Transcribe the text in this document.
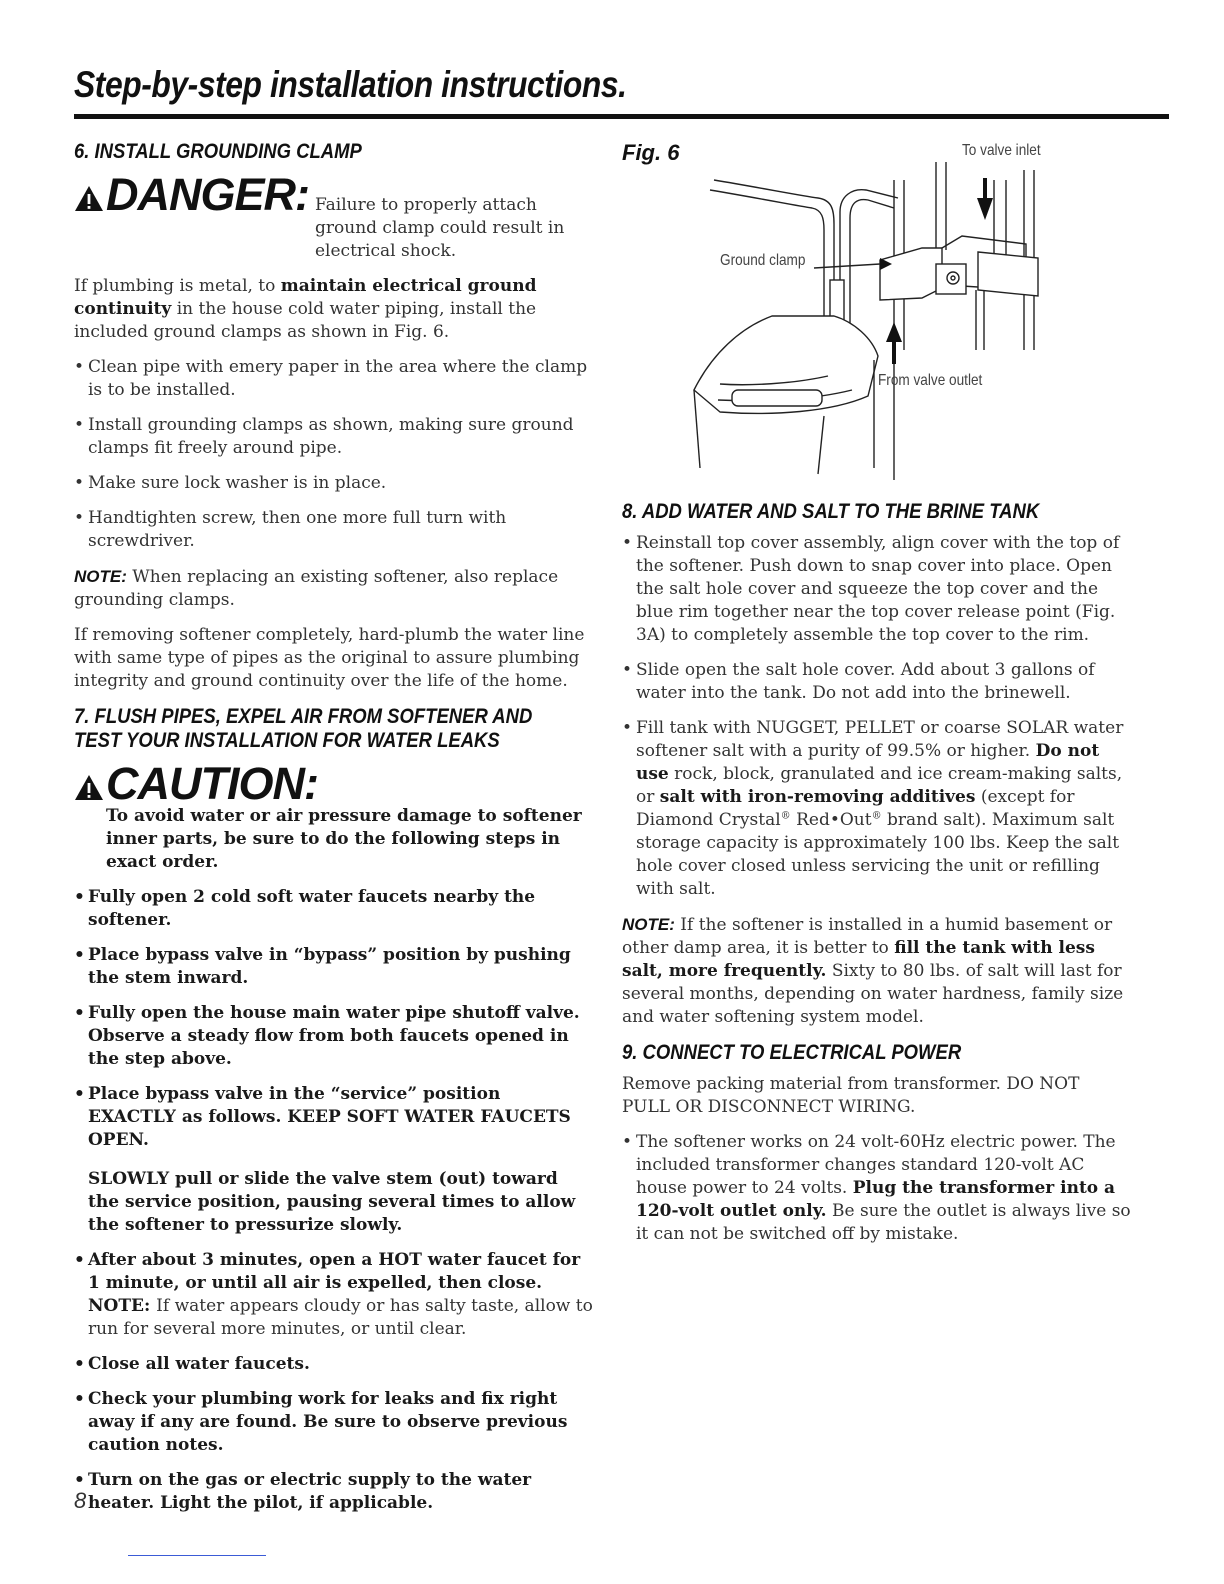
Step-by-step installation instructions.
6. INSTALL GROUNDING CLAMP
DANGER: Failure to properly attach ground clamp could result in electrical shock.

If plumbing is metal, to maintain electrical ground continuity in the house cold water piping, install the included ground clamps as shown in Fig. 6.

• Clean pipe with emery paper in the area where the clamp is to be installed.
• Install grounding clamps as shown, making sure ground clamps fit freely around pipe.
• Make sure lock washer is in place.
• Handtighten screw, then one more full turn with screwdriver.

NOTE: When replacing an existing softener, also replace grounding clamps.

If removing softener completely, hard-plumb the water line with same type of pipes as the original to assure plumbing integrity and ground continuity over the life of the home.

7. FLUSH PIPES, EXPEL AIR FROM SOFTENER AND
TEST YOUR INSTALLATION FOR WATER LEAKS
CAUTION:
To avoid water or air pressure damage to softener inner parts, be sure to do the following steps in exact order.
• Fully open 2 cold soft water faucets nearby the softener.
• Place bypass valve in “bypass” position by pushing the stem inward.
• Fully open the house main water pipe shutoff valve. Observe a steady flow from both faucets opened in the step above.
• Place bypass valve in the “service” position EXACTLY as follows. KEEP SOFT WATER FAUCETS OPEN.
SLOWLY pull or slide the valve stem (out) toward the service position, pausing several times to allow the softener to pressurize slowly.
• After about 3 minutes, open a HOT water faucet for 1 minute, or until all air is expelled, then close. NOTE: If water appears cloudy or has salty taste, allow to run for several more minutes, or until clear.
• Close all water faucets.
• Check your plumbing work for leaks and fix right away if any are found. Be sure to observe previous caution notes.
• Turn on the gas or electric supply to the water heater. Light the pilot, if applicable.
Fig. 6	To valve inlet
Ground clamp
From valve outlet
8. ADD WATER AND SALT TO THE BRINE TANK
• Reinstall top cover assembly, align cover with the top of the softener. Push down to snap cover into place. Open the salt hole cover and squeeze the top cover and the blue rim together near the top cover release point (Fig. 3A) to completely assemble the top cover to the rim.
• Slide open the salt hole cover. Add about 3 gallons of water into the tank. Do not add into the brinewell.
• Fill tank with NUGGET, PELLET or coarse SOLAR water softener salt with a purity of 99.5% or higher. Do not use rock, block, granulated and ice cream-making salts, or salt with iron-removing additives (except for Diamond Crystal® Red•Out® brand salt). Maximum salt storage capacity is approximately 100 lbs. Keep the salt hole cover closed unless servicing the unit or refilling with salt.

NOTE: If the softener is installed in a humid basement or other damp area, it is better to fill the tank with less salt, more frequently. Sixty to 80 lbs. of salt will last for several months, depending on water hardness, family size and water softening system model.

9. CONNECT TO ELECTRICAL POWER

Remove packing material from transformer. DO NOT PULL OR DISCONNECT WIRING.

• The softener works on 24 volt-60Hz electric power. The included transformer changes standard 120-volt AC house power to 24 volts. Plug the transformer into a 120-volt outlet only. Be sure the outlet is always live so it can not be switched off by mistake.
8
